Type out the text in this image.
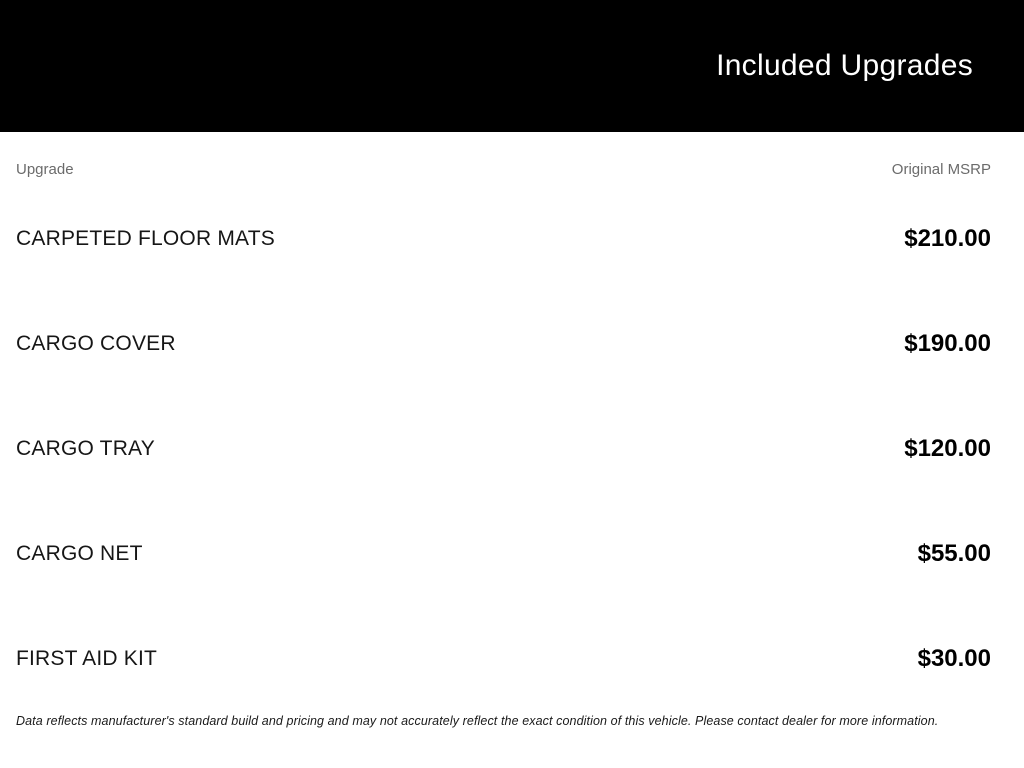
Included Upgrades
Upgrade	Original MSRP
CARPETED FLOOR MATS	$210.00
CARGO COVER	$190.00
CARGO TRAY	$120.00
CARGO NET	$55.00
FIRST AID KIT	$30.00

Data reflects manufacturer's standard build and pricing and may not accurately reflect the exact condition of this vehicle. Please contact dealer for more information.
